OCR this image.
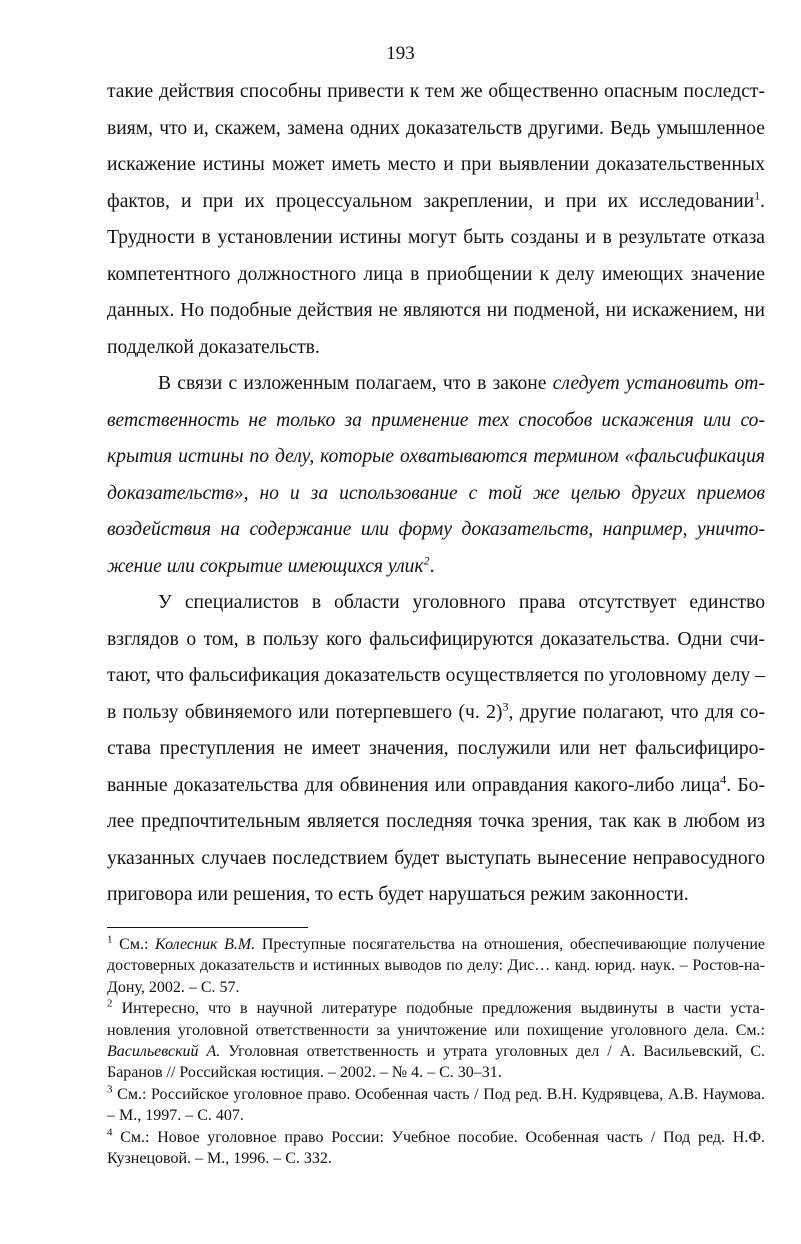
193

такие действия способны привести к тем же общественно опасным последствиям, что и, скажем, замена одних доказательств другими. Ведь умышленное искажение истины может иметь место и при выявлении доказательственных фактов, и при их процессуальном закреплении, и при их исследовании$^1$. Трудности в установлении истины могут быть созданы и в результате отказа компетентного должностного лица в приобщении к делу имеющих значение данных. Но подобные действия не являются ни подменой, ни искажением, ни подделкой доказательств.

В связи с изложенным полагаем, что в законе следует установить ответственность не только за применение тех способов искажения или сокрытия истины по делу, которые охватываются термином «фальсификация доказательств», но и за использование с той же целью других приемов воздействия на содержание или форму доказательств, например, уничтожение или сокрытие имеющихся улик$^2$.

У специалистов в области уголовного права отсутствует единство взглядов о том, в пользу кого фальсифицируются доказательства. Одни считают, что фальсификация доказательств осуществляется по уголовному делу – в пользу обвиняемого или потерпевшего (ч. 2)$^3$, другие полагают, что для состава преступления не имеет значения, послужили или нет фальсифицированные доказательства для обвинения или оправдания какого-либо лица$^4$. Более предпочтительным является последняя точка зрения, так как в любом из указанных случаев последствием будет выступать вынесение неправосудного приговора или решения, то есть будет нарушаться режим законности.

$^1$ См.: Колесник В.М. Преступные посягательства на отношения, обеспечивающие получение достоверных доказательств и истинных выводов по делу: Дис… канд. юрид. наук. – Ростов-на-Дону, 2002. – С. 57.

$^2$ Интересно, что в научной литературе подобные предложения выдвинуты в части установления уголовной ответственности за уничтожение или похищение уголовного дела. См.: Васильевский А. Уголовная ответственность и утрата уголовных дел / А. Васильевский, С. Баранов // Российская юстиция. – 2002. – № 4. – С. 30–31.

$^3$ См.: Российское уголовное право. Особенная часть / Под ред. В.Н. Кудрявцева, А.В. Наумова. – М., 1997. – С. 407.

$^4$ См.: Новое уголовное право России: Учебное пособие. Особенная часть / Под ред. Н.Ф. Кузнецовой. – М., 1996. – С. 332.
